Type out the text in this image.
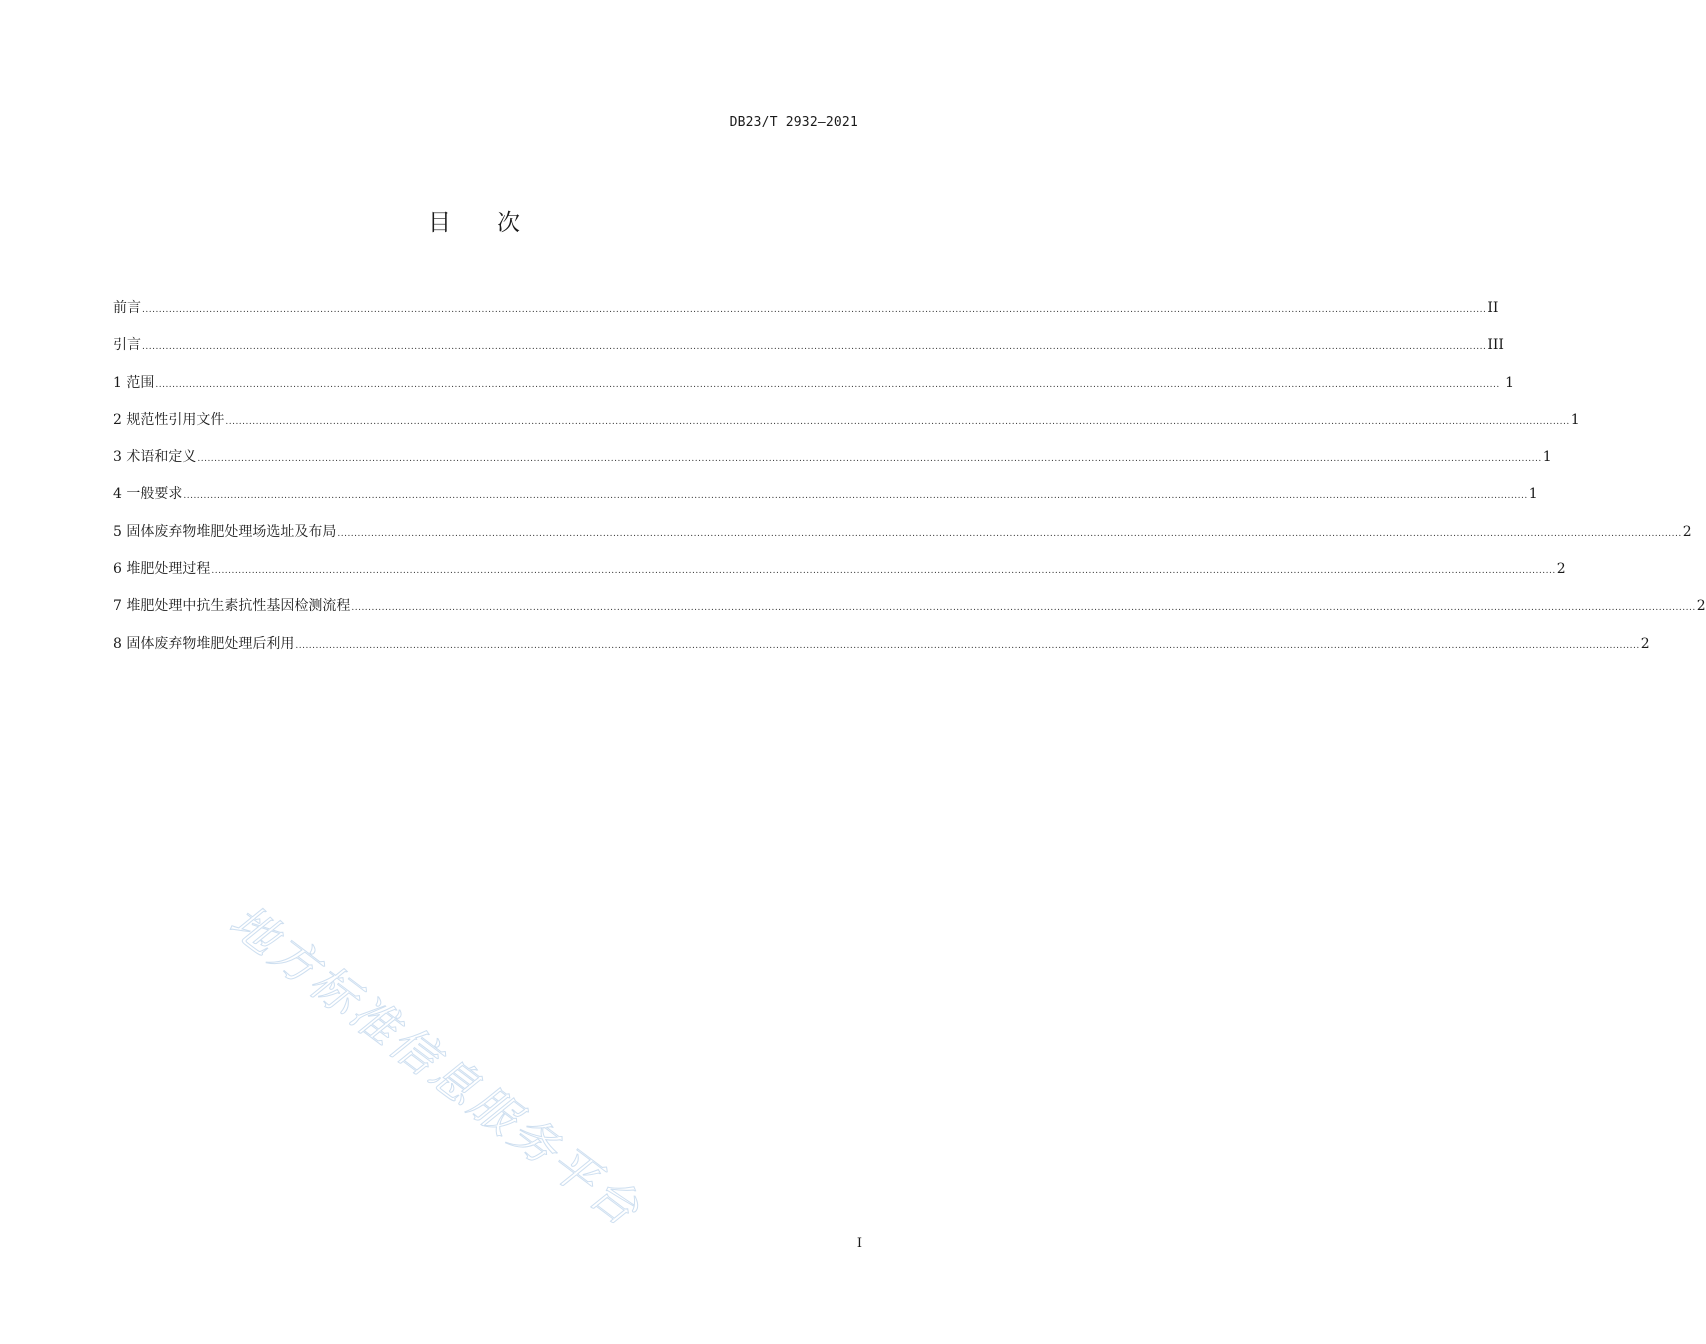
DB23/T 2932—2021
目 次
前言 ................................................................................................................................................................................................................................................................................................................................................................................................................ II
引言 ................................................................................................................................................................................................................................................................................................................................................................................................................ III
1 范围 ................................................................................................................................................................................................................................................................................................................................................................................................................ 1
2 规范性引用文件 ................................................................................................................................................................................................................................................................................................................................................................................................................ 1
3 术语和定义 ................................................................................................................................................................................................................................................................................................................................................................................................................ 1
4 一般要求 ................................................................................................................................................................................................................................................................................................................................................................................................................ 1
5 固体废弃物堆肥处理场选址及布局 ................................................................................................................................................................................................................................................................................................................................................................................................................ 2
6 堆肥处理过程 ................................................................................................................................................................................................................................................................................................................................................................................................................ 2
7 堆肥处理中抗生素抗性基因检测流程 ................................................................................................................................................................................................................................................................................................................................................................................................................ 2
8 固体废弃物堆肥处理后利用 ................................................................................................................................................................................................................................................................................................................................................................................................................ 2
地方标准信息服务平台
I
